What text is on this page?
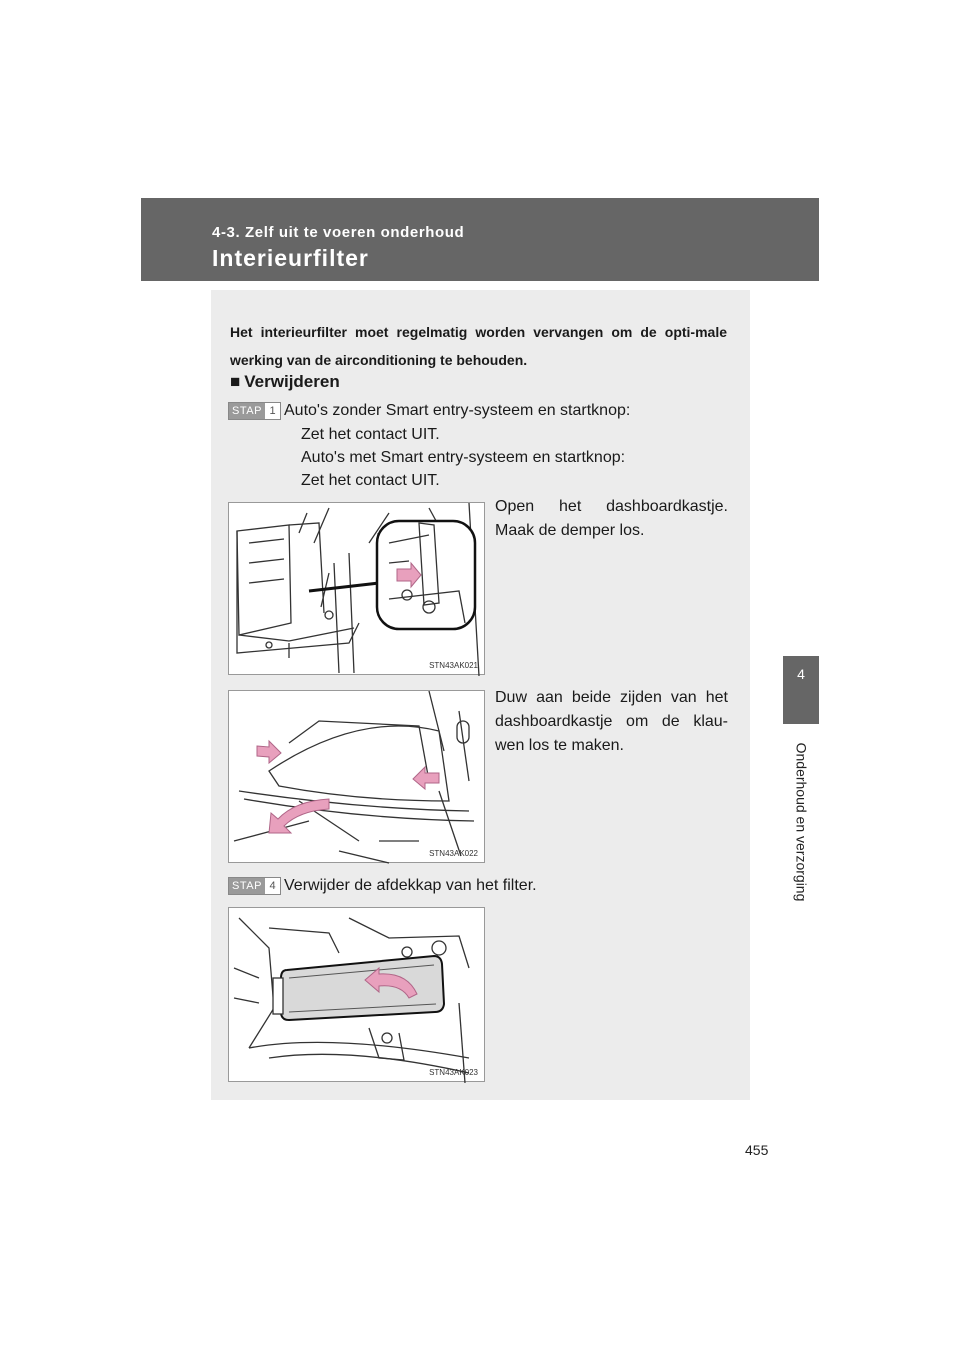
4-3. Zelf uit te voeren onderhoud
Interieurfilter
4
Onderhoud en verzorging

Het interieurfilter moet regelmatig worden vervangen om de opti-male werking van de airconditioning te behouden.

■ Verwijderen
STAP 1 Auto's zonder Smart entry-systeem en startknop:

Zet het contact UIT.

Auto's met Smart entry-systeem en startknop:

Zet het contact UIT.

STN43AK021

Open het dashboardkastje. Maak de demper los.

STN43AK022

Duw aan beide zijden van het dashboardkastje om de klau-wen los te maken.

STAP 4 Verwijder de afdekkap van het filter.

STN43AK023
455
